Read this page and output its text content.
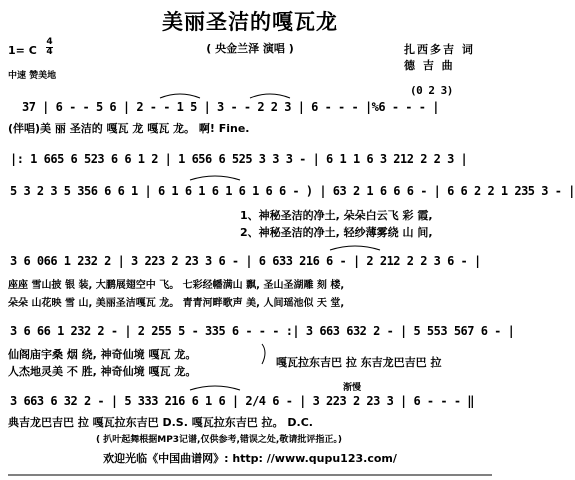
美丽圣洁的嘎瓦龙
( 央金兰泽 演唱 )	扎西多吉 词
德 吉 曲
1= C
4
4
中速 赞美地
37 | 6 - - 5 6 | 2 - - 1 5 | 3 - - 2 2 3 | 6 - - - |%6 - - - |
(0 2 3)
(伴唱)美 丽 圣洁的 嘎瓦 龙 嘎瓦 龙。 啊! Fine.
|: 1 665 6 523 6 6 1 2 | 1 656 6 525 3 3 3 - | 6 1 1 6 3 212 2 2 3 |
5 3 2 3 5 356 6 6 1 | 6 1 6 1 6 1 6 1 6 6 - ) | 63 2 1 6 6 6 - | 6 6 2 2 1 235 3 - |
1、神秘圣洁的净土, 朵朵白云飞 彩 霞,
2、神秘圣洁的净土, 轻纱薄雾绕 山 间,
3 6 066 1 232 2 | 3 223 2 23 3 6 - | 6 633 216 6 - | 2 212 2 2 3 6 - |
座座 雪山披 银 装, 大鹏展翅空中 飞。 七彩经幡满山 飘, 圣山圣湖雕 刻 楼,
朵朵 山花映 雪 山, 美丽圣洁嘎瓦 龙。 青青河畔歌声 美, 人间瑶池似 天 堂,
3 6 66 1 232 2 - | 2 255 5 - 335 6 - - - :| 3 663 632 2 - | 5 553 567 6 - |
仙阁庙宇桑 烟 绕, 神奇仙境 嘎瓦 龙。
人杰地灵美 不 胜, 神奇仙境 嘎瓦 龙。
嘎瓦拉东吉巴 拉 东吉龙巴吉巴 拉
渐慢
3 663 6 32 2 - | 5 333 216 6 1 6 | 2/4 6 - | 3 223 2 23 3 | 6 - - - ‖
典吉龙巴吉巴 拉 嘎瓦拉东吉巴 D.S. 嘎瓦拉东吉巴 拉。 D.C.
( 扒叶起舞根据MP3记谱,仅供参考,错误之处,敬请批评指正。)
欢迎光临《中国曲谱网》: http: //www.qupu123.com/
